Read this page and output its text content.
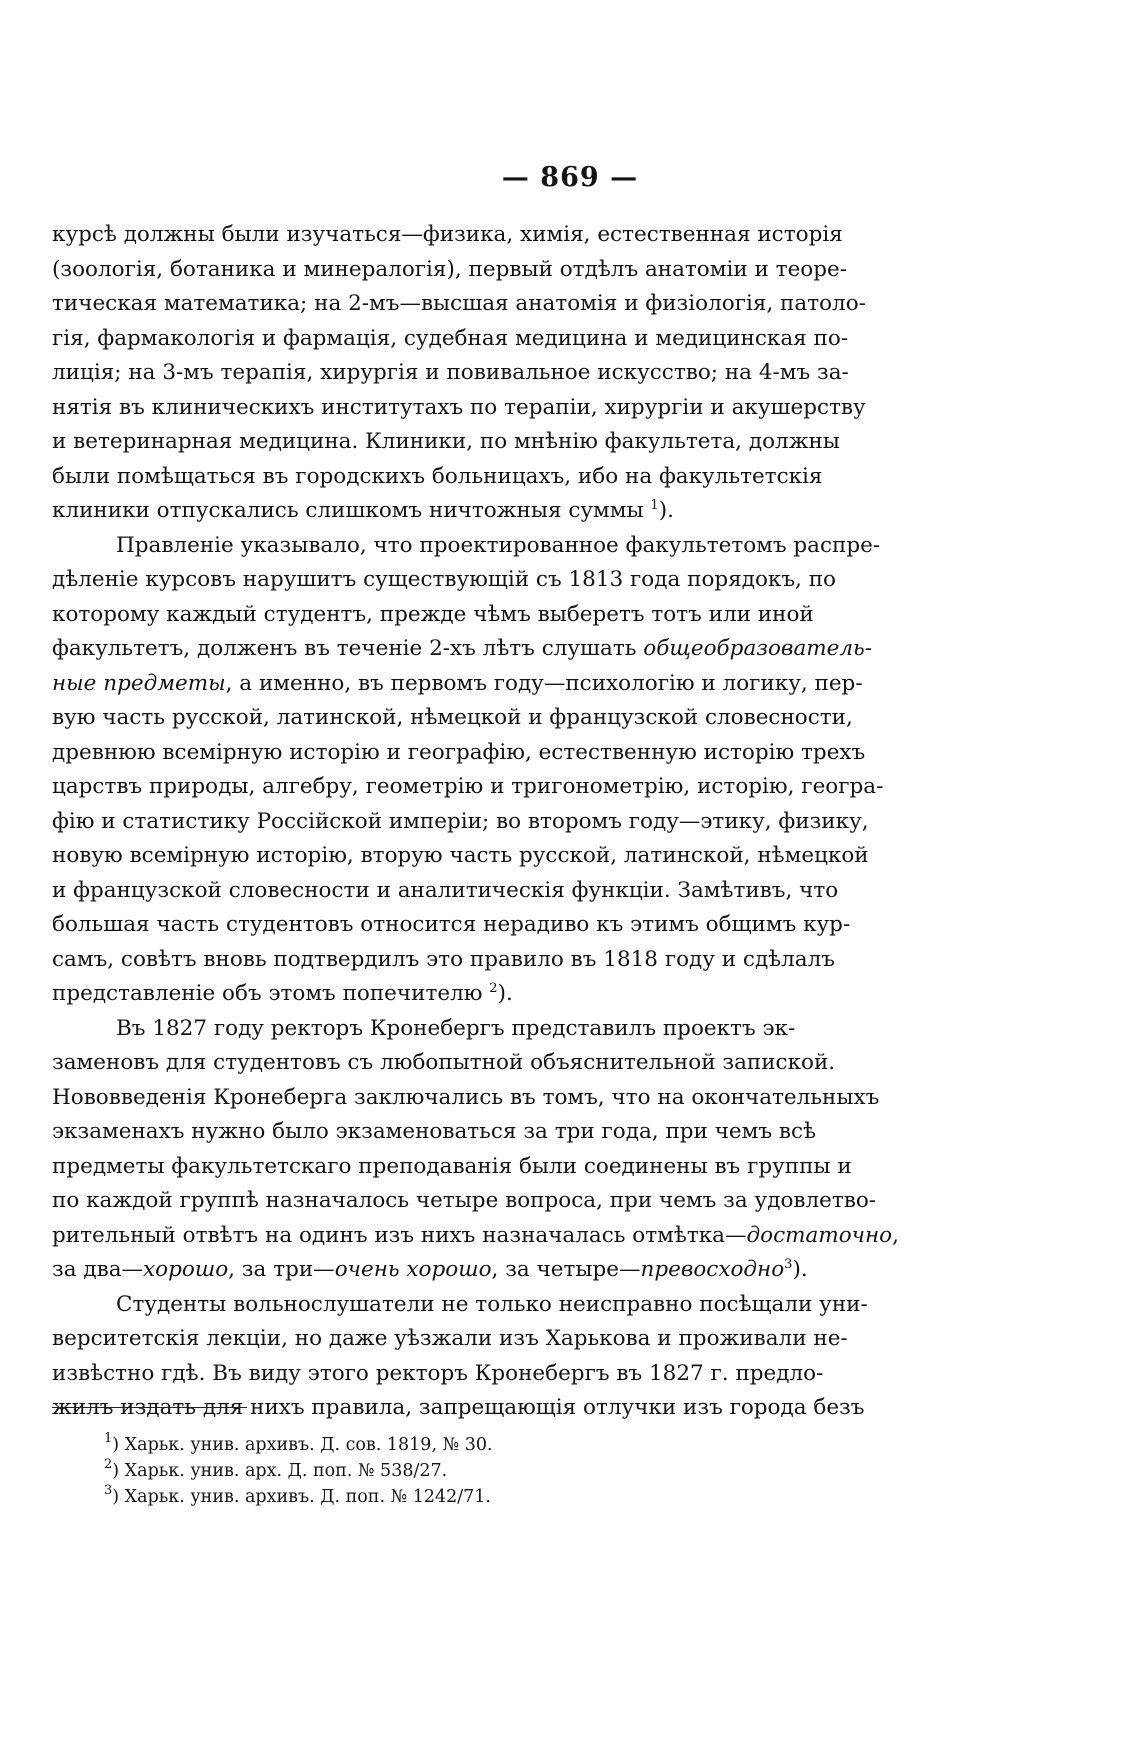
— 869 —
курсѣ должны были изучаться—физика, химія, естественная исторія
(зоологія, ботаника и минералогія), первый отдѣлъ анатоміи и теоре-
тическая математика; на 2-мъ—высшая анатомія и физіологія, патоло-
гія, фармакологія и фармація, судебная медицина и медицинская по-
лиція; на 3-мъ терапія, хирургія и повивальное искусство; на 4-мъ за-
нятія въ клиническихъ институтахъ по терапіи, хирургіи и акушерству
и ветеринарная медицина. Клиники, по мнѣнію факультета, должны
были помѣщаться въ городскихъ больницахъ, ибо на факультетскія
клиники отпускались слишкомъ ничтожныя суммы $^1$).
Правленіе указывало, что проектированное факультетомъ распре-
дѣленіе курсовъ нарушитъ существующій съ 1813 года порядокъ, по
которому каждый студентъ, прежде чѣмъ выберетъ тотъ или иной
факультетъ, долженъ въ теченіе 2-хъ лѣтъ слушать общеобразователь-
ные предметы, а именно, въ первомъ году—психологію и логику, пер-
вую часть русской, латинской, нѣмецкой и французской словесности,
древнюю всемірную исторію и географію, естественную исторію трехъ
царствъ природы, алгебру, геометрію и тригонометрію, исторію, геогра-
фію и статистику Россійской имперіи; во второмъ году—этику, физику,
новую всемірную исторію, вторую часть русской, латинской, нѣмецкой
и французской словесности и аналитическія функціи. Замѣтивъ, что
большая часть студентовъ относится нерадиво къ этимъ общимъ кур-
самъ, совѣтъ вновь подтвердилъ это правило въ 1818 году и сдѣлалъ
представленіе объ этомъ попечителю $^2$).
Въ 1827 году ректоръ Кронебергъ представилъ проектъ эк-
заменовъ для студентовъ съ любопытной объяснительной запиской.
Нововведенія Кронеберга заключались въ томъ, что на окончательныхъ
экзаменахъ нужно было экзаменоваться за три года, при чемъ всѣ
предметы факультетскаго преподаванія были соединены въ группы и
по каждой группѣ назначалось четыре вопроса, при чемъ за удовлетво-
рительный отвѣтъ на одинъ изъ нихъ назначалась отмѣтка—достаточно,
за два—хорошо, за три—очень хорошо, за четыре—превосходно$^3$).
Студенты вольнослушатели не только неисправно посѣщали уни-
верситетскія лекціи, но даже уѣзжали изъ Харькова и проживали не-
извѣстно гдѣ. Въ виду этого ректоръ Кронебергъ въ 1827 г. предло-
жилъ издать для нихъ правила, запрещающія отлучки изъ города безъ
$^1$) Харьк. унив. архивъ. Д. сов. 1819, № 30.
$^2$) Харьк. унив. арх. Д. поп. № 538/27.
$^3$) Харьк. унив. архивъ. Д. поп. № 1242/71.
